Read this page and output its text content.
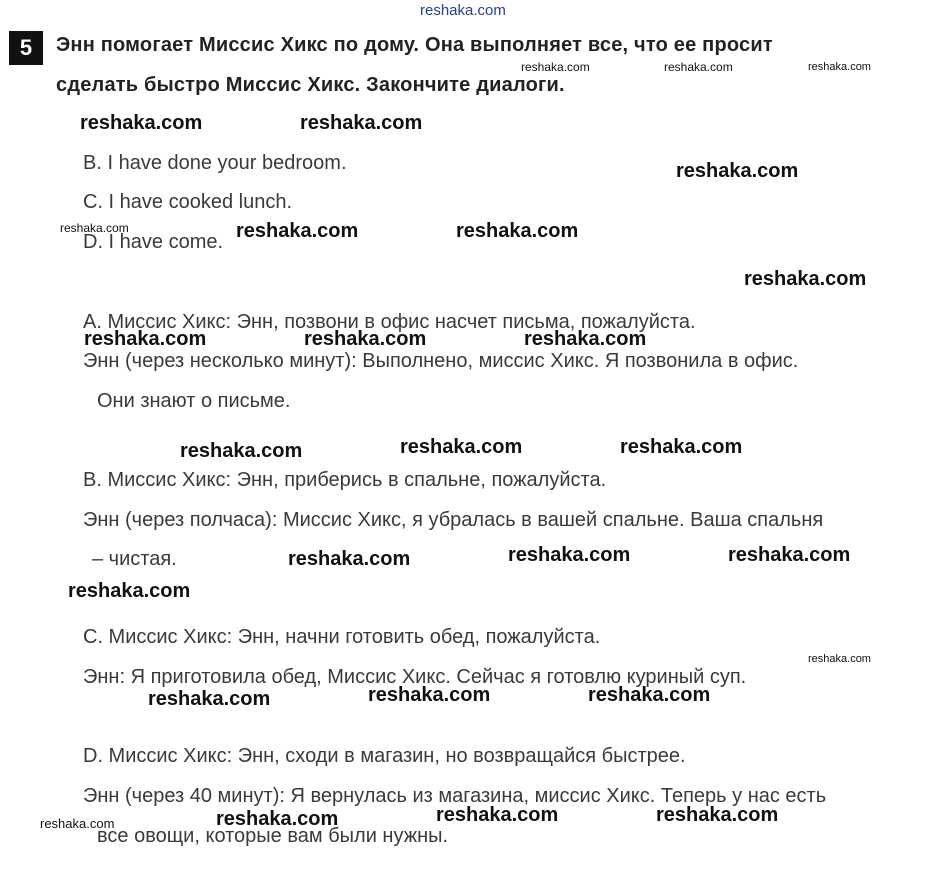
reshaka.com
5	Энн помогает Миссис Хикс по дому. Она выполняет все, что ее просит
сделать быстро Миссис Хикс. Закончите диалоги.
B. I have done your bedroom.
C. I have cooked lunch.
D. I have come.
А. Миссис Хикс: Энн, позвони в офис насчет письма, пожалуйста.
Энн (через несколько минут): Выполнено, миссис Хикс. Я позвонила в офис.
Они знают о письме.
В. Миссис Хикс: Энн, приберись в спальне, пожалуйста.
Энн (через полчаса): Миссис Хикс, я убралась в вашей спальне. Ваша спальня
– чистая.
С. Миссис Хикс: Энн, начни готовить обед, пожалуйста.
Энн: Я приготовила обед, Миссис Хикс. Сейчас я готовлю куриный суп.
D. Миссис Хикс: Энн, сходи в магазин, но возвращайся быстрее.
Энн (через 40 минут): Я вернулась из магазина, миссис Хикс. Теперь у нас есть
все овощи, которые вам были нужны.
reshaka.com	reshaka.com	reshaka.com
reshaka.com	reshaka.com
reshaka.com
reshaka.com	reshaka.com	reshaka.com
reshaka.com
reshaka.com	reshaka.com	reshaka.com
reshaka.com	reshaka.com	reshaka.com
reshaka.com	reshaka.com	reshaka.com
reshaka.com
reshaka.com
reshaka.com	reshaka.com	reshaka.com
reshaka.com	reshaka.com	reshaka.com	reshaka.com
